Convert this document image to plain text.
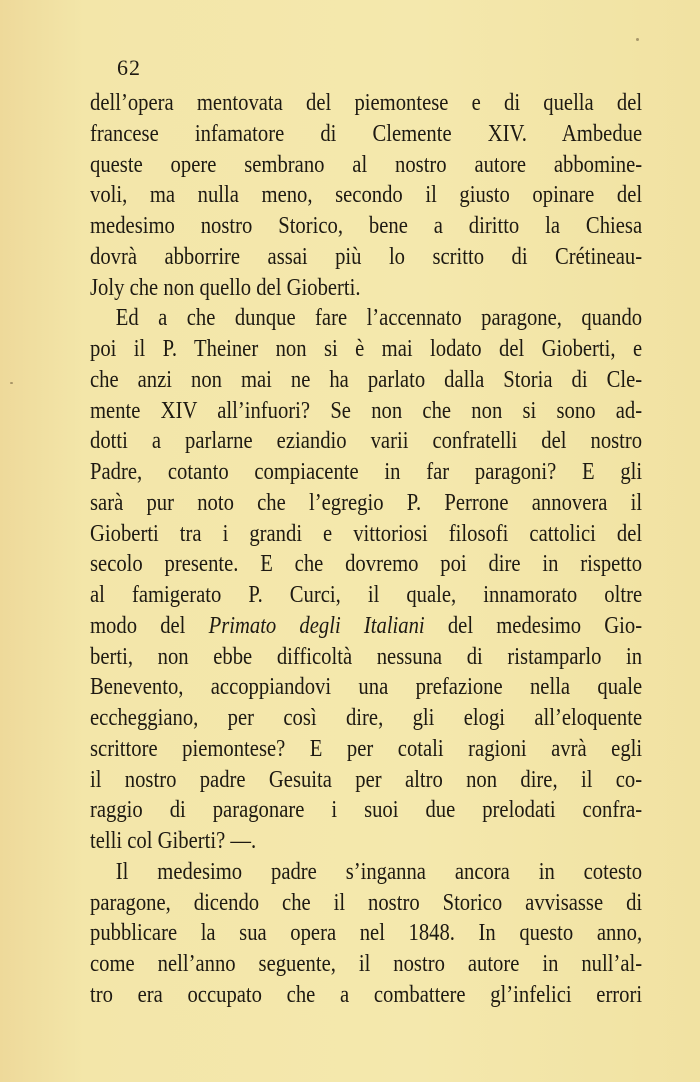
62
dell’opera mentovata del piemontese e di quella del
francese infamatore di Clemente XIV. Ambedue
queste opere sembrano al nostro autore abbomine-
voli, ma nulla meno, secondo il giusto opinare del
medesimo nostro Storico, bene a diritto la Chiesa
dovrà abborrire assai più lo scritto di Crétineau-
Joly che non quello del Gioberti.
Ed a che dunque fare l’accennato paragone, quando
poi il P. Theiner non si è mai lodato del Gioberti, e
che anzi non mai ne ha parlato dalla Storia di Cle-
mente XIV all’infuori? Se non che non si sono ad-
dotti a parlarne eziandio varii confratelli del nostro
Padre, cotanto compiacente in far paragoni? E gli
sarà pur noto che l’egregio P. Perrone annovera il
Gioberti tra i grandi e vittoriosi filosofi cattolici del
secolo presente. E che dovremo poi dire in rispetto
al famigerato P. Curci, il quale, innamorato oltre
modo del Primato degli Italiani del medesimo Gio-
berti, non ebbe difficoltà nessuna di ristamparlo in
Benevento, accoppiandovi una prefazione nella quale
eccheggiano, per così dire, gli elogi all’eloquente
scrittore piemontese? E per cotali ragioni avrà egli
il nostro padre Gesuita per altro non dire, il co-
raggio di paragonare i suoi due prelodati confra-
telli col Giberti? —.
Il medesimo padre s’inganna ancora in cotesto
paragone, dicendo che il nostro Storico avvisasse di
pubblicare la sua opera nel 1848. In questo anno,
come nell’anno seguente, il nostro autore in null’al-
tro era occupato che a combattere gl’infelici errori
